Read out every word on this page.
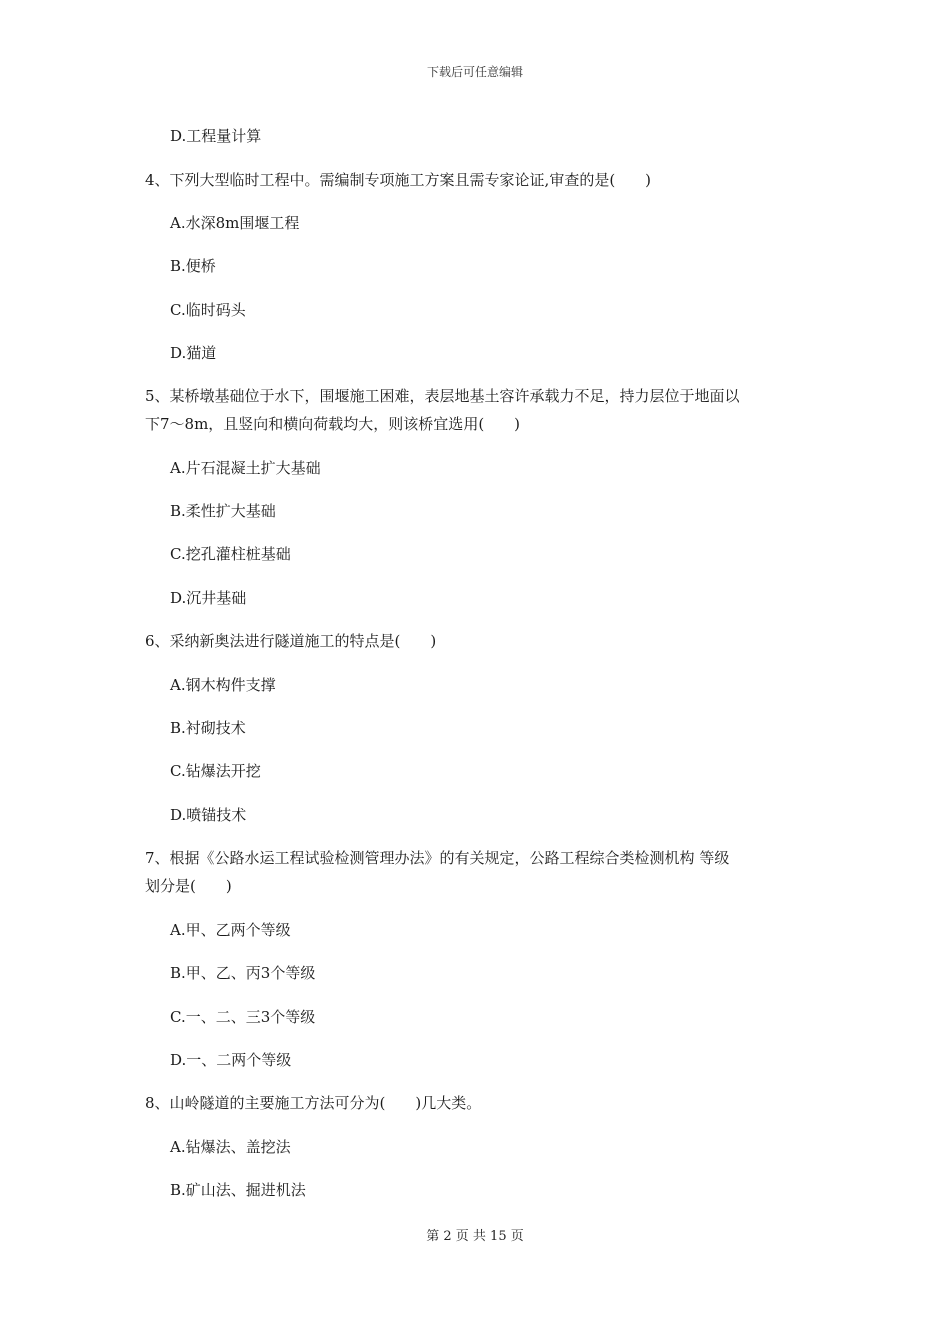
下载后可任意编辑
D.工程量计算
4、下列大型临时工程中。需编制专项施工方案且需专家论证,审查的是(　　)
A.水深8m围堰工程
B.便桥
C.临时码头
D.猫道
5、某桥墩基础位于水下，围堰施工困难，表层地基土容许承载力不足，持力层位于地面以
下7～8m，且竖向和横向荷载均大，则该桥宜选用(　　)
A.片石混凝土扩大基础
B.柔性扩大基础
C.挖孔灌柱桩基础
D.沉井基础
6、采纳新奥法进行隧道施工的特点是(　　)
A.钢木构件支撑
B.衬砌技术
C.钻爆法开挖
D.喷锚技术
7、根据《公路水运工程试验检测管理办法》的有关规定，公路工程综合类检测机构 等级
划分是(　　)
A.甲、乙两个等级
B.甲、乙、丙3个等级
C.一、二、三3个等级
D.一、二两个等级
8、山岭隧道的主要施工方法可分为(　　)几大类。
A.钻爆法、盖挖法
B.矿山法、掘进机法
第 2 页 共 15 页
